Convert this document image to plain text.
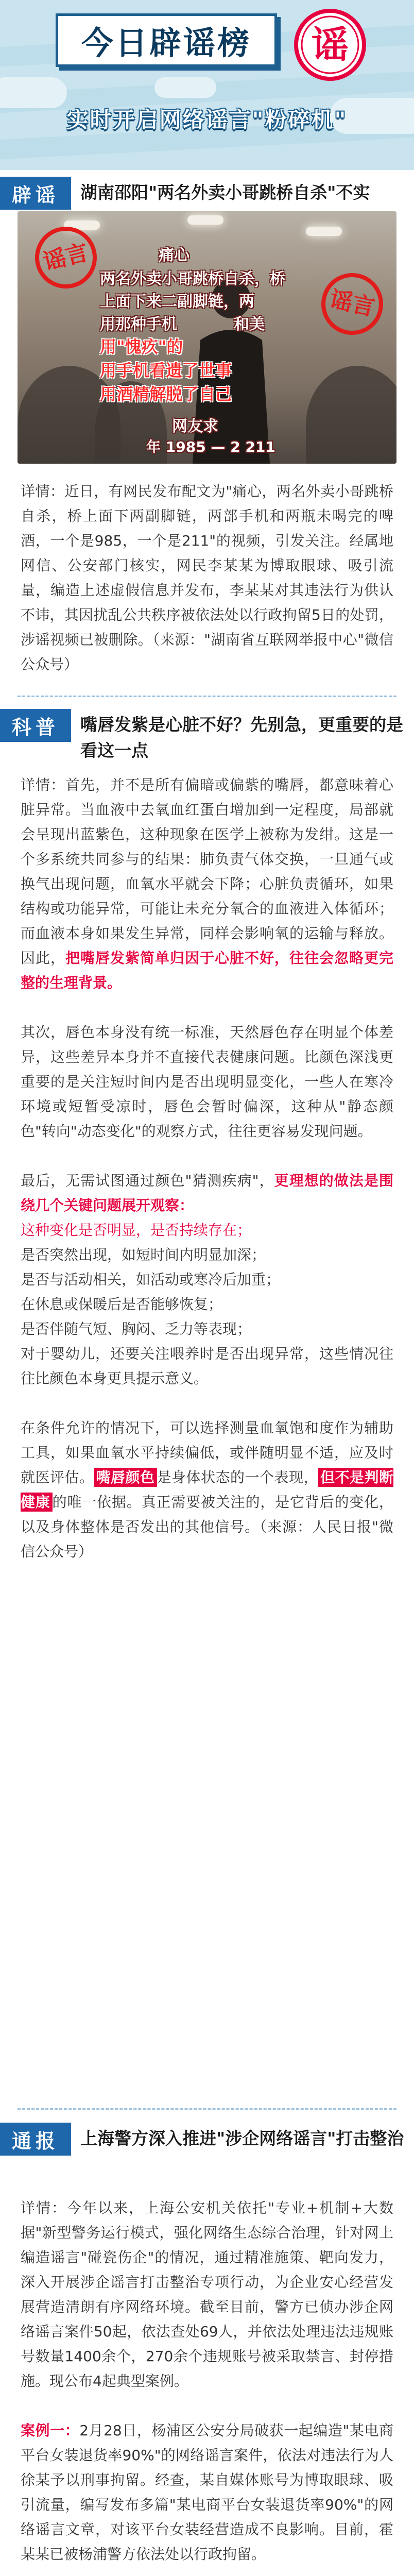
今日辟谣榜 谣
实时开启网络谣言"粉碎机"
辟谣	湖南邵阳"两名外卖小哥跳桥自杀"不实
痛心
两名外卖小哥跳桥自杀，桥
上面下来二副脚链，两
用那种手机	和美
用"愧疚"的
用手机看遗了世事
用酒精解脱了自己
网友求
年 1985 — 2 211
谣言
谣言

详情：近日，有网民发布配文为"痛心，两名外卖小哥跳桥自杀，桥上面下两副脚链，两部手机和两瓶未喝完的啤酒，一个是985，一个是211"的视频，引发关注。经属地网信、公安部门核实，网民李某某为博取眼球、吸引流量，编造上述虚假信息并发布，李某某对其违法行为供认不讳，其因扰乱公共秩序被依法处以行政拘留5日的处罚，涉谣视频已被删除。（来源："湖南省互联网举报中心"微信公众号）

科普	嘴唇发紫是心脏不好？先别急，更重要的是看这一点

详情：首先，并不是所有偏暗或偏紫的嘴唇，都意味着心脏异常。当血液中去氧血红蛋白增加到一定程度，局部就会呈现出蓝紫色，这种现象在医学上被称为发绀。这是一个多系统共同参与的结果：肺负责气体交换，一旦通气或换气出现问题，血氧水平就会下降；心脏负责循环，如果结构或功能异常，可能让未充分氧合的血液进入体循环；而血液本身如果发生异常，同样会影响氧的运输与释放。因此，把嘴唇发紫简单归因于心脏不好，往往会忽略更完整的生理背景。

其次，唇色本身没有统一标准，天然唇色存在明显个体差异，这些差异本身并不直接代表健康问题。比颜色深浅更重要的是关注短时间内是否出现明显变化，一些人在寒冷环境或短暂受凉时，唇色会暂时偏深，这种从"静态颜色"转向"动态变化"的观察方式，往往更容易发现问题。

最后，无需试图通过颜色"猜测疾病"，更理想的做法是围绕几个关键问题展开观察：
这种变化是否明显，是否持续存在；
是否突然出现，如短时间内明显加深；
是否与活动相关，如活动或寒冷后加重；
在休息或保暖后是否能够恢复；
是否伴随气短、胸闷、乏力等表现；
对于婴幼儿，还要关注喂养时是否出现异常，这些情况往往比颜色本身更具提示意义。

在条件允许的情况下，可以选择测量血氧饱和度作为辅助工具，如果血氧水平持续偏低，或伴随明显不适，应及时就医评估。 嘴唇颜色 是身体状态的一个表现， 但不是判断健康 的唯一依据。真正需要被关注的，是它背后的变化，以及身体整体是否发出的其他信号。（来源：人民日报"微信公众号）

通报	上海警方深入推进"涉企网络谣言"打击整治

详情：今年以来，上海公安机关依托"专业+机制+大数据"新型警务运行模式，强化网络生态综合治理，针对网上编造谣言"碰瓷伤企"的情况，通过精准施策、靶向发力，深入开展涉企谣言打击整治专项行动，为企业安心经营发展营造清朗有序网络环境。截至目前，警方已侦办涉企网络谣言案件50起，依法查处69人，并依法处理违法违规账号数量1400余个，270余个违规账号被采取禁言、封停措施。现公布4起典型案例。

案例一：2月28日，杨浦区公安分局破获一起编造"某电商平台女装退货率90%"的网络谣言案件，依法对违法行为人徐某予以刑事拘留。经查，某自媒体账号为博取眼球、吸引流量，编写发布多篇"某电商平台女装退货率90%"的网络谣言文章，对该平台女装经营造成不良影响。目前，霍某某已被杨浦警方依法处以行政拘留。
